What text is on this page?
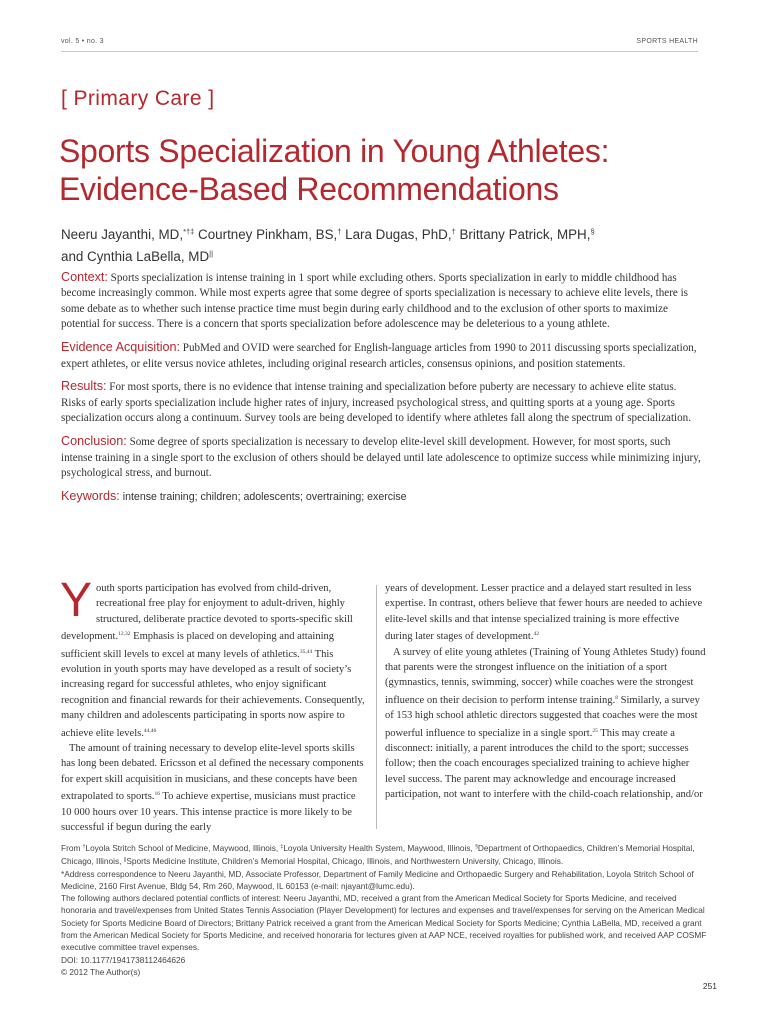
vol. 5 • no. 3	SPORTS HEALTH
[ Primary Care ]
Sports Specialization in Young Athletes:
Evidence-Based Recommendations
Neeru Jayanthi, MD,*†‡ Courtney Pinkham, BS,† Lara Dugas, PhD,† Brittany Patrick, MPH,§
and Cynthia LaBella, MD||
Context: Sports specialization is intense training in 1 sport while excluding others. Sports specialization in early to middle childhood has become increasingly common. While most experts agree that some degree of sports specialization is necessary to achieve elite levels, there is some debate as to whether such intense practice time must begin during early childhood and to the exclusion of other sports to maximize potential for success. There is a concern that sports specialization before adolescence may be deleterious to a young athlete.
Evidence Acquisition: PubMed and OVID were searched for English-language articles from 1990 to 2011 discussing sports specialization, expert athletes, or elite versus novice athletes, including original research articles, consensus opinions, and position statements.
Results: For most sports, there is no evidence that intense training and specialization before puberty are necessary to achieve elite status. Risks of early sports specialization include higher rates of injury, increased psychological stress, and quitting sports at a young age. Sports specialization occurs along a continuum. Survey tools are being developed to identify where athletes fall along the spectrum of specialization.
Conclusion: Some degree of sports specialization is necessary to develop elite-level skill development. However, for most sports, such intense training in a single sport to the exclusion of others should be delayed until late adolescence to optimize success while minimizing injury, psychological stress, and burnout.
Keywords: intense training; children; adolescents; overtraining; exercise

Youth sports participation has evolved from child-driven, recreational free play for enjoyment to adult-driven, highly structured, deliberate practice devoted to sports-specific skill development.$^{12,32}$ Emphasis is placed on developing and attaining sufficient skill levels to excel at many levels of athletics.$^{35,44}$ This evolution in youth sports may have developed as a result of society’s increasing regard for successful athletes, who enjoy significant recognition and financial rewards for their achievements. Consequently, many children and adolescents participating in sports now aspire to achieve elite levels.$^{44,46}$

The amount of training necessary to develop elite-level sports skills has long been debated. Ericsson et al defined the necessary components for expert skill acquisition in musicians, and these concepts have been extrapolated to sports.$^{16}$ To achieve expertise, musicians must practice 10 000 hours over 10 years. This intense practice is more likely to be successful if begun during the early

years of development. Lesser practice and a delayed start resulted in less expertise. In contrast, others believe that fewer hours are needed to achieve elite-level skills and that intense specialized training is more effective during later stages of development.$^{42}$

A survey of elite young athletes (Training of Young Athletes Study) found that parents were the strongest influence on the initiation of a sport (gymnastics, tennis, swimming, soccer) while coaches were the strongest influence on their decision to perform intense training.$^8$ Similarly, a survey of 153 high school athletic directors suggested that coaches were the most powerful influence to specialize in a single sport.$^{25}$ This may create a disconnect: initially, a parent introduces the child to the sport; successes follow; then the coach encourages specialized training to achieve higher level success. The parent may acknowledge and encourage increased participation, not want to interfere with the child-coach relationship, and/or

From †Loyola Stritch School of Medicine, Maywood, Illinois, ‡Loyola University Health System, Maywood, Illinois, §Department of Orthopaedics, Children’s Memorial Hospital, Chicago, Illinois, ||Sports Medicine Institute, Children’s Memorial Hospital, Chicago, Illinois, and Northwestern University, Chicago, Illinois.
*Address correspondence to Neeru Jayanthi, MD, Associate Professor, Department of Family Medicine and Orthopaedic Surgery and Rehabilitation, Loyola Stritch School of Medicine, 2160 First Avenue, Bldg 54, Rm 260, Maywood, IL 60153 (e-mail: njayant@lumc.edu).
The following authors declared potential conflicts of interest: Neeru Jayanthi, MD, received a grant from the American Medical Society for Sports Medicine, and received honoraria and travel/expenses from United States Tennis Association (Player Development) for lectures and expenses and travel/expenses for serving on the American Medical Society for Sports Medicine Board of Directors; Brittany Patrick received a grant from the American Medical Society for Sports Medicine; Cynthia LaBella, MD, received a grant from the American Medical Society for Sports Medicine, and received honoraria for lectures given at AAP NCE, received royalties for published work, and received AAP COSMF executive committee travel expenses.
DOI: 10.1177/1941738112464626
© 2012 The Author(s)
251
